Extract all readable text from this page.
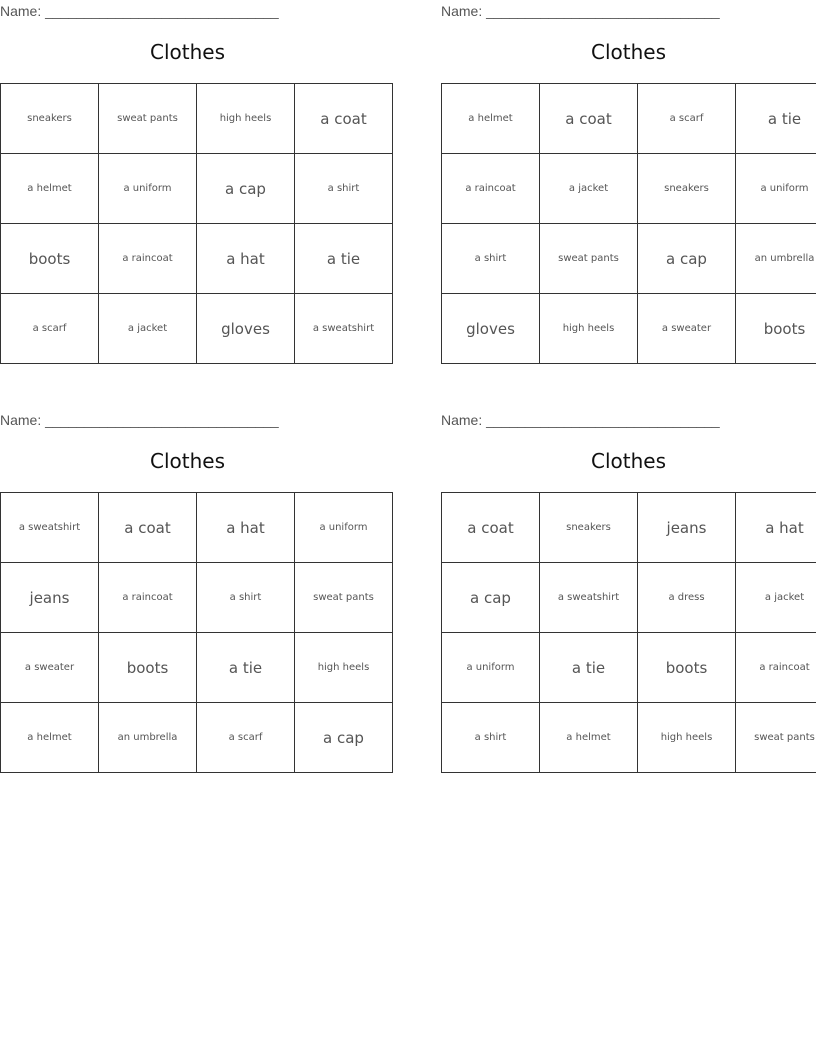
Name: ______________________________
Clothes
sneakers	sweat pants	high heels	a coat
a helmet	a uniform	a cap	a shirt
boots	a raincoat	a hat	a tie
a scarf	a jacket	gloves	a sweatshirt
Name: ______________________________
Clothes
a helmet	a coat	a scarf	a tie
a raincoat	a jacket	sneakers	a uniform
a shirt	sweat pants	a cap	an umbrella
gloves	high heels	a sweater	boots
Name: ______________________________
Clothes
a sweatshirt	a coat	a hat	a uniform
jeans	a raincoat	a shirt	sweat pants
a sweater	boots	a tie	high heels
a helmet	an umbrella	a scarf	a cap
Name: ______________________________
Clothes
a coat	sneakers	jeans	a hat
a cap	a sweatshirt	a dress	a jacket
a uniform	a tie	boots	a raincoat
a shirt	a helmet	high heels	sweat pants
